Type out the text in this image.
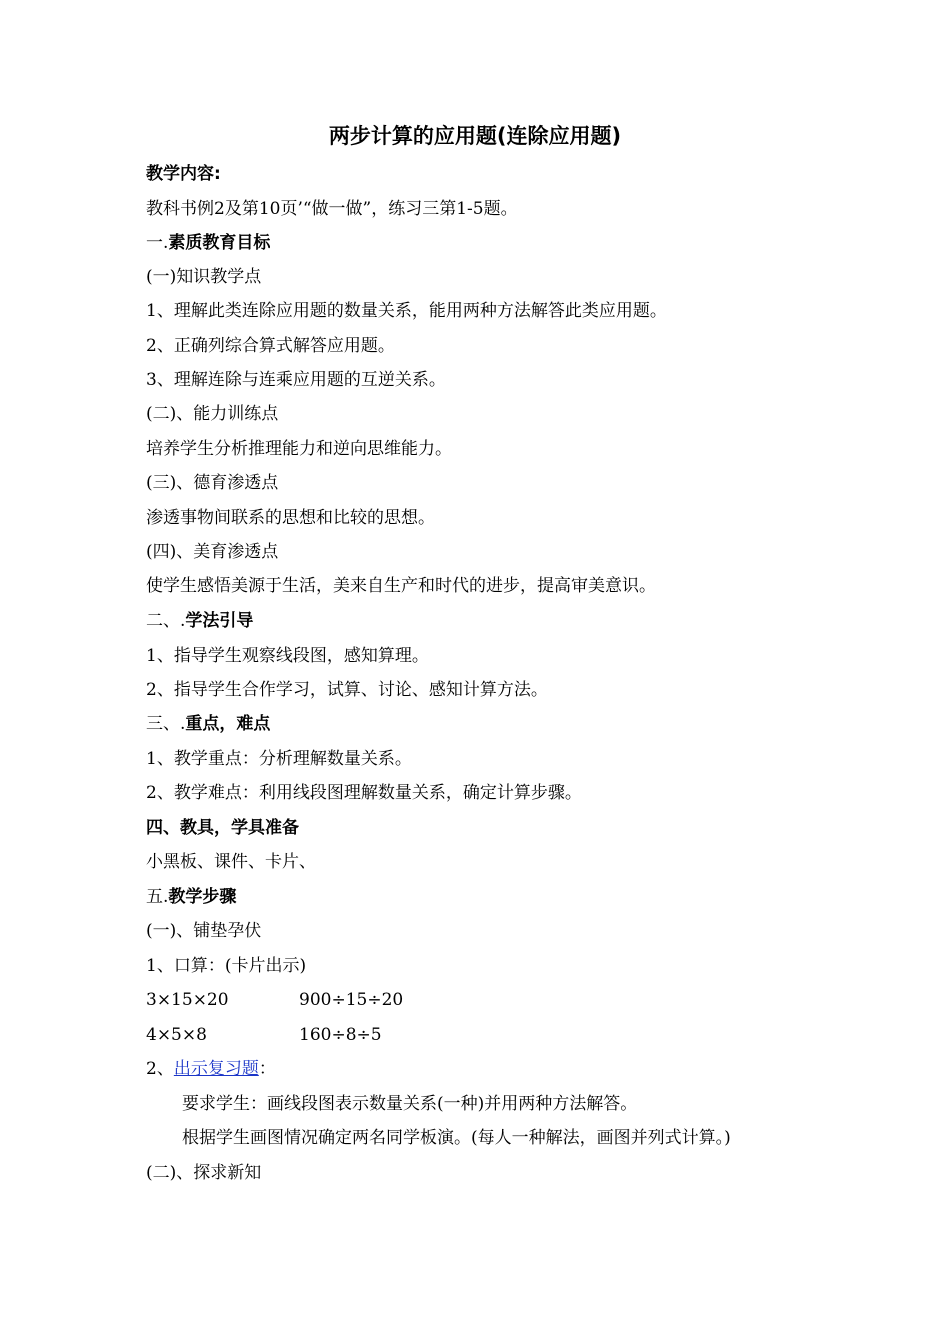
两步计算的应用题(连除应用题)
教学内容:
教科书例2及第10页’“做一做”，练习三第1-5题。
一.素质教育目标
(一)知识教学点
1、理解此类连除应用题的数量关系，能用两种方法解答此类应用题。
2、正确列综合算式解答应用题。
3、理解连除与连乘应用题的互逆关系。
(二)、能力训练点
培养学生分析推理能力和逆向思维能力。
(三)、德育渗透点
渗透事物间联系的思想和比较的思想。
(四)、美育渗透点
使学生感悟美源于生活，美来自生产和时代的进步，提高审美意识。
二、.学法引导
1、指导学生观察线段图，感知算理。
2、指导学生合作学习，试算、讨论、感知计算方法。
三、.重点，难点
1、教学重点：分析理解数量关系。
2、教学难点：利用线段图理解数量关系，确定计算步骤。
四、教具，学具准备
小黑板、课件、卡片、
五.教学步骤
(一)、铺垫孕伏
1、口算：(卡片出示)
3×15×20	900÷15÷20
4×5×8	160÷8÷5
2、出示复习题：
要求学生：画线段图表示数量关系(一种)并用两种方法解答。
根据学生画图情况确定两名同学板演。(每人一种解法，画图并列式计算。)
(二)、探求新知
